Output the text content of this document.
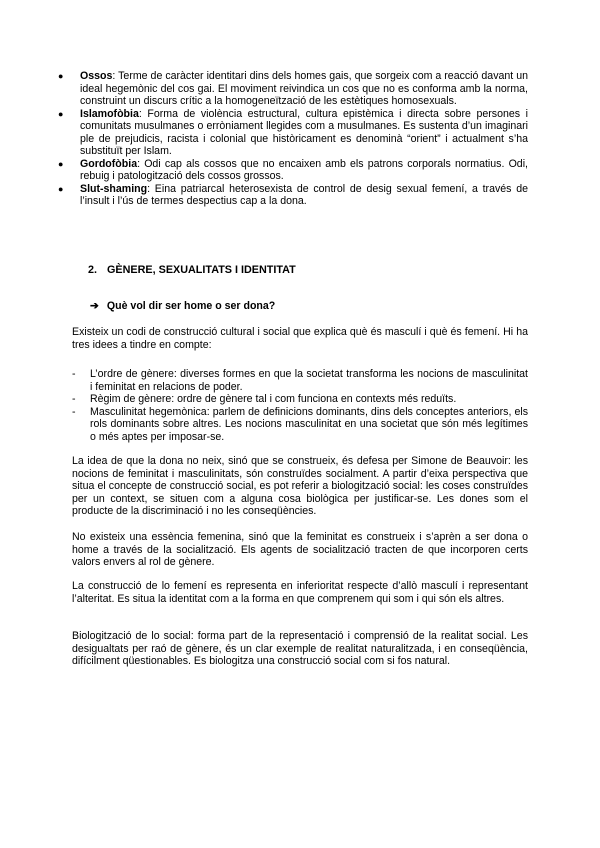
● Ossos: Terme de caràcter identitari dins dels homes gais, que sorgeix com a reacció davant un ideal hegemònic del cos gai. El moviment reivindica un cos que no es conforma amb la norma, construint un discurs crític a la homogeneïtzació de les estètiques homosexuals.

● Islamofòbia: Forma de violència estructural, cultura epistèmica i directa sobre persones i comunitats musulmanes o erròniament llegides com a musulmanes. Es sustenta d’un imaginari ple de prejudicis, racista i colonial que històricament es denominà “orient” i actualment s’ha substituït per Islam.

● Gordofòbia: Odi cap als cossos que no encaixen amb els patrons corporals normatius. Odi, rebuig i patologització dels cossos grossos.

● Slut-shaming: Eina patriarcal heterosexista de control de desig sexual femení, a través de l’insult i l’ús de termes despectius cap a la dona.

2. GÈNERE, SEXUALITATS I IDENTITAT
➔ Què vol dir ser home o ser dona?

Existeix un codi de construcció cultural i social que explica què és masculí i què és femení. Hi ha tres idees a tindre en compte:

- L’ordre de gènere: diverses formes en que la societat transforma les nocions de masculinitat i feminitat en relacions de poder.

- Règim de gènere: ordre de gènere tal i com funciona en contexts més reduïts.

- Masculinitat hegemònica: parlem de definicions dominants, dins dels conceptes anteriors, els rols dominants sobre altres. Les nocions masculinitat en una societat que són més legítimes o més aptes per imposar-se.

La idea de que la dona no neix, sinó que se construeix, és defesa per Simone de Beauvoir: les nocions de feminitat i masculinitats, són construïdes socialment. A partir d’eixa perspectiva que situa el concepte de construcció social, es pot referir a biologització social: les coses construïdes per un context, se situen com a alguna cosa biològica per justificar-se. Les dones som el producte de la discriminació i no les conseqüències.

No existeix una essència femenina, sinó que la feminitat es construeix i s’aprèn a ser dona o home a través de la socialització. Els agents de socialització tracten de que incorporen certs valors envers al rol de gènere.

La construcció de lo femení es representa en inferioritat respecte d’allò masculí i representant l’alteritat. Es situa la identitat com a la forma en que comprenem qui som i qui són els altres.

Biologització de lo social: forma part de la representació i comprensió de la realitat social. Les desigualtats per raó de gènere, és un clar exemple de realitat naturalitzada, i en conseqüència, difícilment qüestionables. Es biologitza una construcció social com si fos natural.
